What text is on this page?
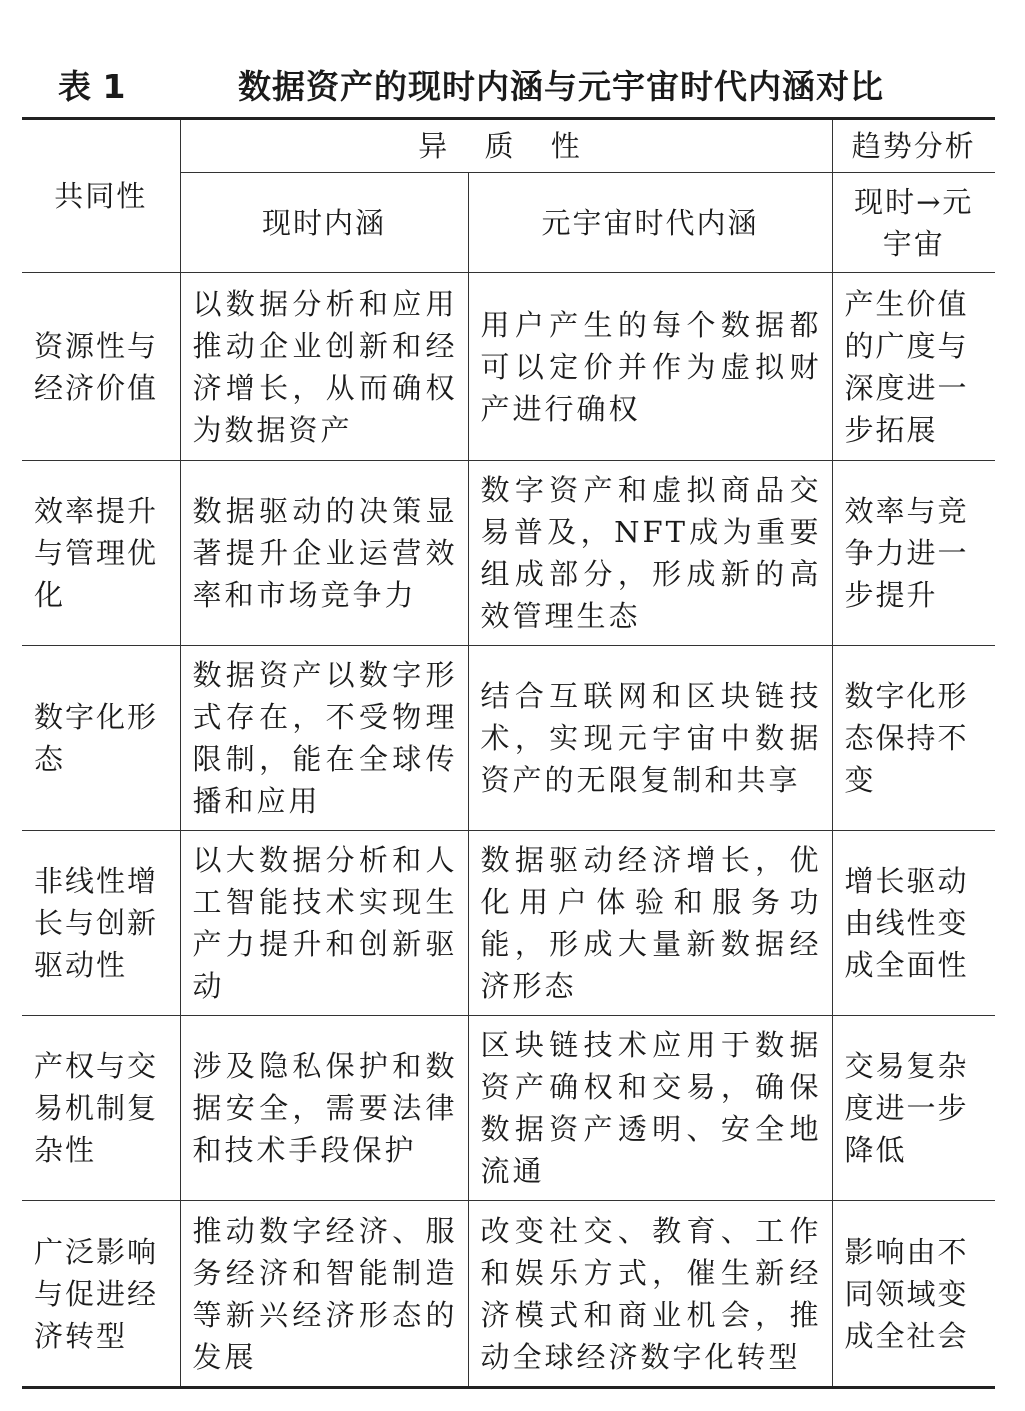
表 1	数据资产的现时内涵与元宇宙时代内涵对比
共同性	异 质 性		趋势分析
	现时内涵	元宇宙时代内涵	现时→元宇宙
资源性与经济价值	以数据分析和应用推动企业创新和经济增长，从而确权为数据资产	用户产生的每个数据都可以定价并作为虚拟财产进行确权	产生价值的广度与深度进一步拓展
效率提升与管理优化	数据驱动的决策显著提升企业运营效率和市场竞争力	数字资产和虚拟商品交易普及，NFT成为重要组成部分，形成新的高效管理生态	效率与竞争力进一步提升
数字化形态	数据资产以数字形式存在，不受物理限制，能在全球传播和应用	结合互联网和区块链技术，实现元宇宙中数据资产的无限复制和共享	数字化形态保持不变
非线性增长与创新驱动性	以大数据分析和人工智能技术实现生产力提升和创新驱动	数据驱动经济增长，优化用户体验和服务功能，形成大量新数据经济形态	增长驱动由线性变成全面性
产权与交易机制复杂性	涉及隐私保护和数据安全，需要法律和技术手段保护	区块链技术应用于数据资产确权和交易，确保数据资产透明、安全地流通	交易复杂度进一步降低
广泛影响与促进经济转型	推动数字经济、服务经济和智能制造等新兴经济形态的发展	改变社交、教育、工作和娱乐方式，催生新经济模式和商业机会，推动全球经济数字化转型	影响由不同领域变成全社会
